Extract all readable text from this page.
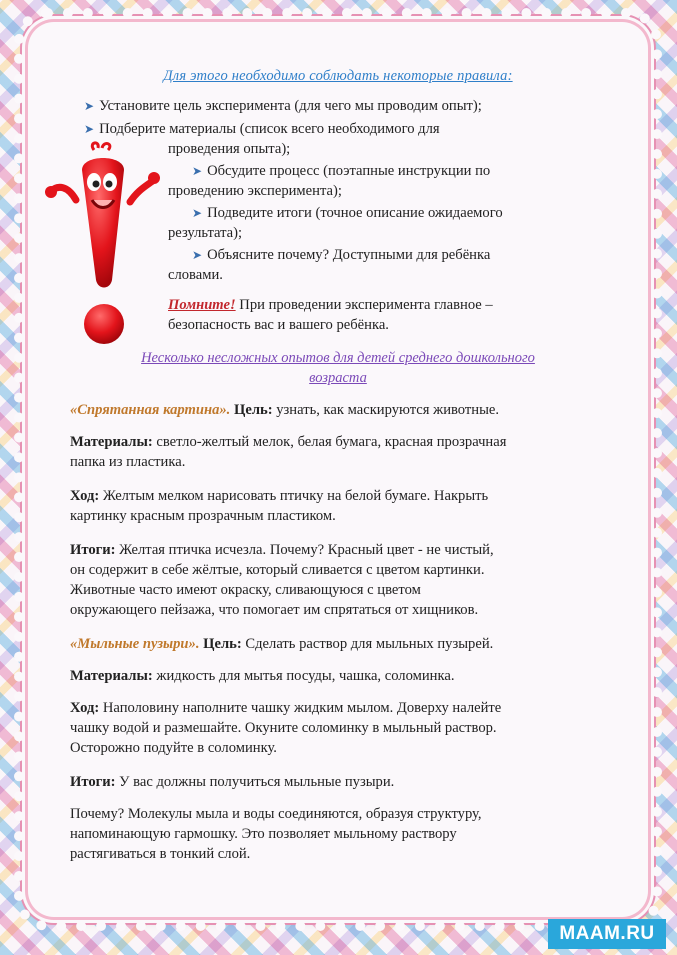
Для этого необходимо соблюдать некоторые правила:
➤ Установите цель эксперимента (для чего мы проводим опыт);
➤ Подберите материалы (список всего необходимого для
проведения опыта);
➤ Обсудите процесс (поэтапные инструкции по
проведению эксперимента);
➤ Подведите итоги (точное описание ожидаемого
результата);
➤ Объясните почему? Доступными для ребёнка
словами.
Помните! При проведении эксперимента главное –
безопасность вас и вашего ребёнка.
Несколько несложных опытов для детей среднего дошкольного
возраста
«Спрятанная картина». Цель: узнать, как маскируются животные.
Материалы: светло-желтый мелок, белая бумага, красная прозрачная
папка из пластика.
Ход: Желтым мелком нарисовать птичку на белой бумаге. Накрыть
картинку красным прозрачным пластиком.
Итоги: Желтая птичка исчезла. Почему? Красный цвет - не чистый,
он содержит в себе жёлтые, который сливается с цветом картинки.
Животные часто имеют окраску, сливающуюся с цветом
окружающего пейзажа, что помогает им спрятаться от хищников.
«Мыльные пузыри». Цель: Сделать раствор для мыльных пузырей.
Материалы: жидкость для мытья посуды, чашка, соломинка.
Ход: Наполовину наполните чашку жидким мылом. Доверху налейте
чашку водой и размешайте. Окуните соломинку в мыльный раствор.
Осторожно подуйте в соломинку.
Итоги: У вас должны получиться мыльные пузыри.
Почему? Молекулы мыла и воды соединяются, образуя структуру,
напоминающую гармошку. Это позволяет мыльному раствору
растягиваться в тонкий слой.
MAAM.RU
